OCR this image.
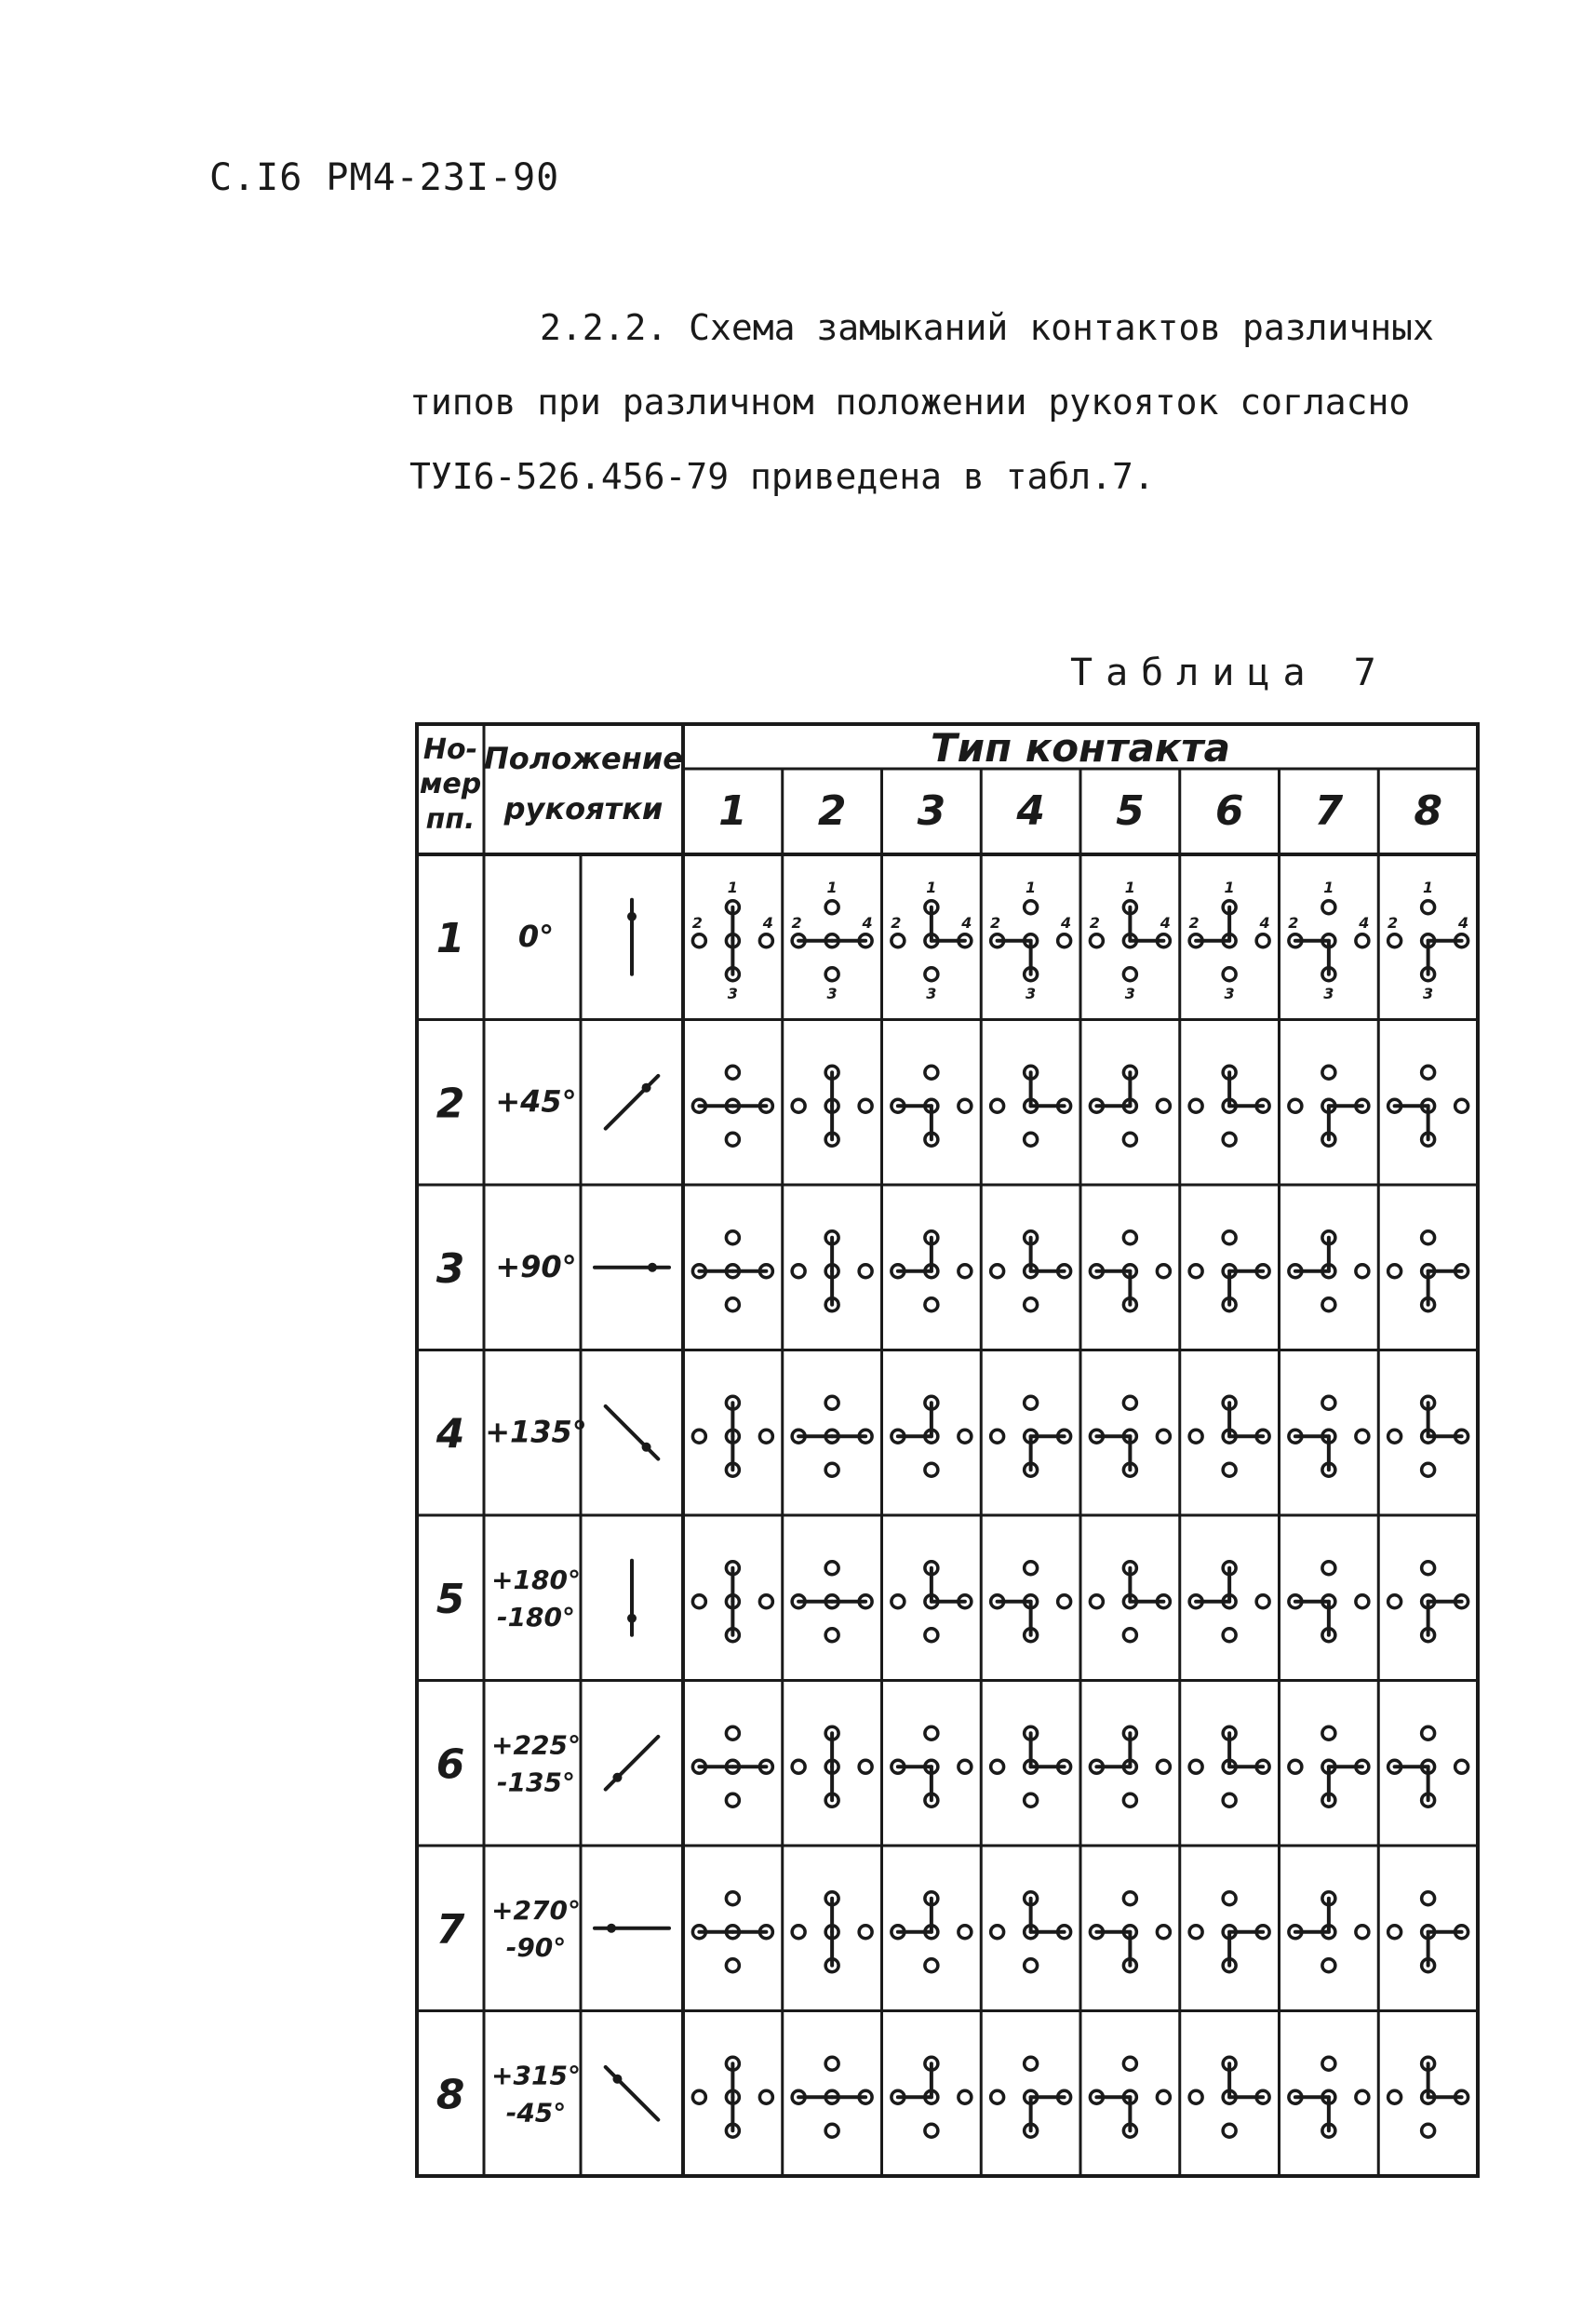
С.I6 РМ4-23I-90
2.2.2. Схема замыканий контактов различных
типов при различном положении рукояток согласно
ТУI6-526.456-79 приведена в табл.7.
Таблица 7
Но-
мер
пп.
Положение
рукоятки
Тип контакта
1 2 3 4 5 6 7 8
1 0°
1
4
3
2
1
4
3
2
1
4
3
2
1
4
3
2
1
4
3
2
1
4
3
2
1
4
3
2
1
4
3
2
2 +45°
3 +90°
4 +135°
5 +180°
-180°
6 +225°
-135°
7 +270°
-90°
8 +315°
-45°
